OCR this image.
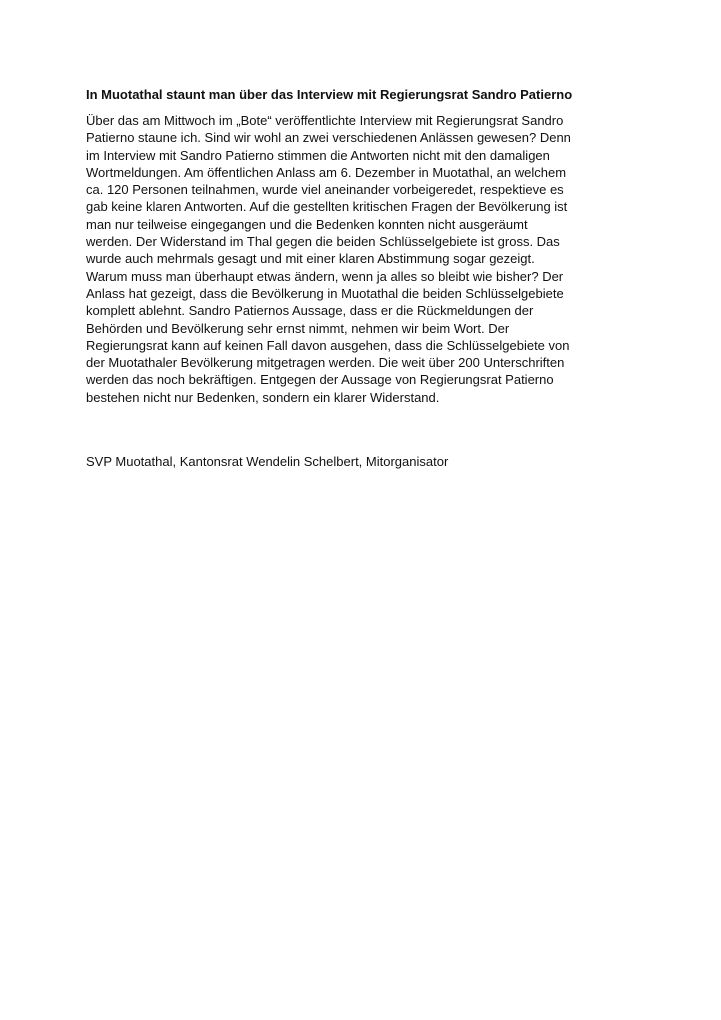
In Muotathal staunt man über das Interview mit Regierungsrat Sandro Patierno
Über das am Mittwoch im „Bote“ veröffentlichte Interview mit Regierungsrat Sandro
Patierno staune ich. Sind wir wohl an zwei verschiedenen Anlässen gewesen? Denn
im Interview mit Sandro Patierno stimmen die Antworten nicht mit den damaligen
Wortmeldungen. Am öffentlichen Anlass am 6. Dezember in Muotathal, an welchem
ca. 120 Personen teilnahmen, wurde viel aneinander vorbeigeredet, respektieve es
gab keine klaren Antworten. Auf die gestellten kritischen Fragen der Bevölkerung ist
man nur teilweise eingegangen und die Bedenken konnten nicht ausgeräumt
werden. Der Widerstand im Thal gegen die beiden Schlüsselgebiete ist gross. Das
wurde auch mehrmals gesagt und mit einer klaren Abstimmung sogar gezeigt.
Warum muss man überhaupt etwas ändern, wenn ja alles so bleibt wie bisher? Der
Anlass hat gezeigt, dass die Bevölkerung in Muotathal die beiden Schlüsselgebiete
komplett ablehnt. Sandro Patiernos Aussage, dass er die Rückmeldungen der
Behörden und Bevölkerung sehr ernst nimmt, nehmen wir beim Wort. Der
Regierungsrat kann auf keinen Fall davon ausgehen, dass die Schlüsselgebiete von
der Muotathaler Bevölkerung mitgetragen werden. Die weit über 200 Unterschriften
werden das noch bekräftigen. Entgegen der Aussage von Regierungsrat Patierno
bestehen nicht nur Bedenken, sondern ein klarer Widerstand.
SVP Muotathal, Kantonsrat Wendelin Schelbert, Mitorganisator
